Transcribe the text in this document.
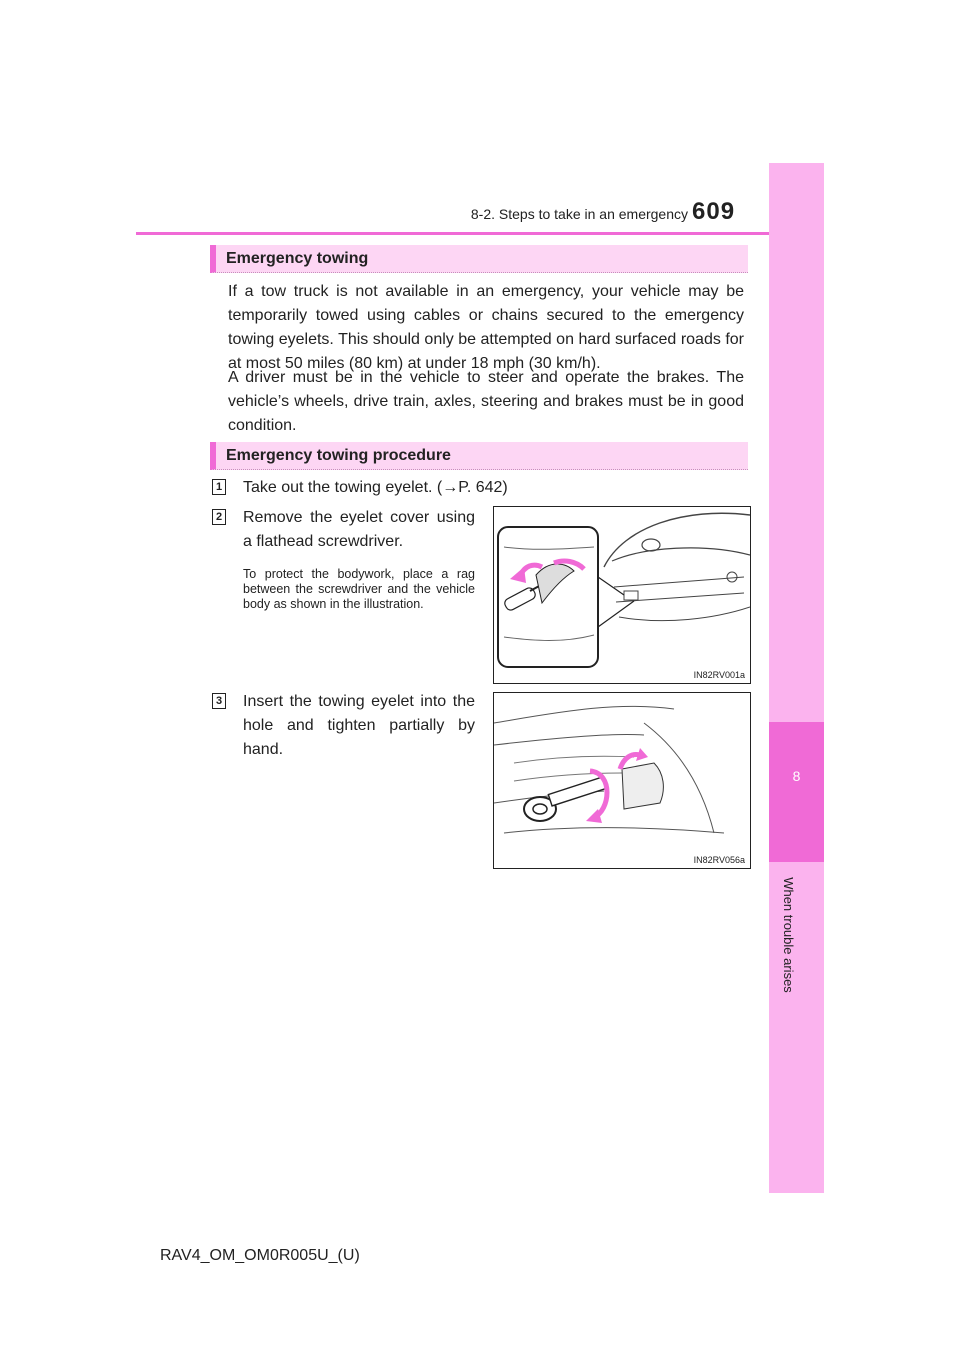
8-2. Steps to take in an emergency 609
8
When trouble arises
Emergency towing

If a tow truck is not available in an emergency, your vehicle may be temporarily towed using cables or chains secured to the emergency towing eyelets. This should only be attempted on hard surfaced roads for at most 50 miles (80 km) at under 18 mph (30 km/h).

A driver must be in the vehicle to steer and operate the brakes. The vehicle’s wheels, drive train, axles, steering and brakes must be in good condition.

Emergency towing procedure
1 Take out the towing eyelet. (→P. 642)
2 Remove the eyelet cover using a flathead screwdriver.
To protect the bodywork, place a rag between the screwdriver and the vehicle body as shown in the illustration.
IN82RV001a
3 Insert the towing eyelet into the hole and tighten partially by hand.
IN82RV056a
RAV4_OM_OM0R005U_(U)
